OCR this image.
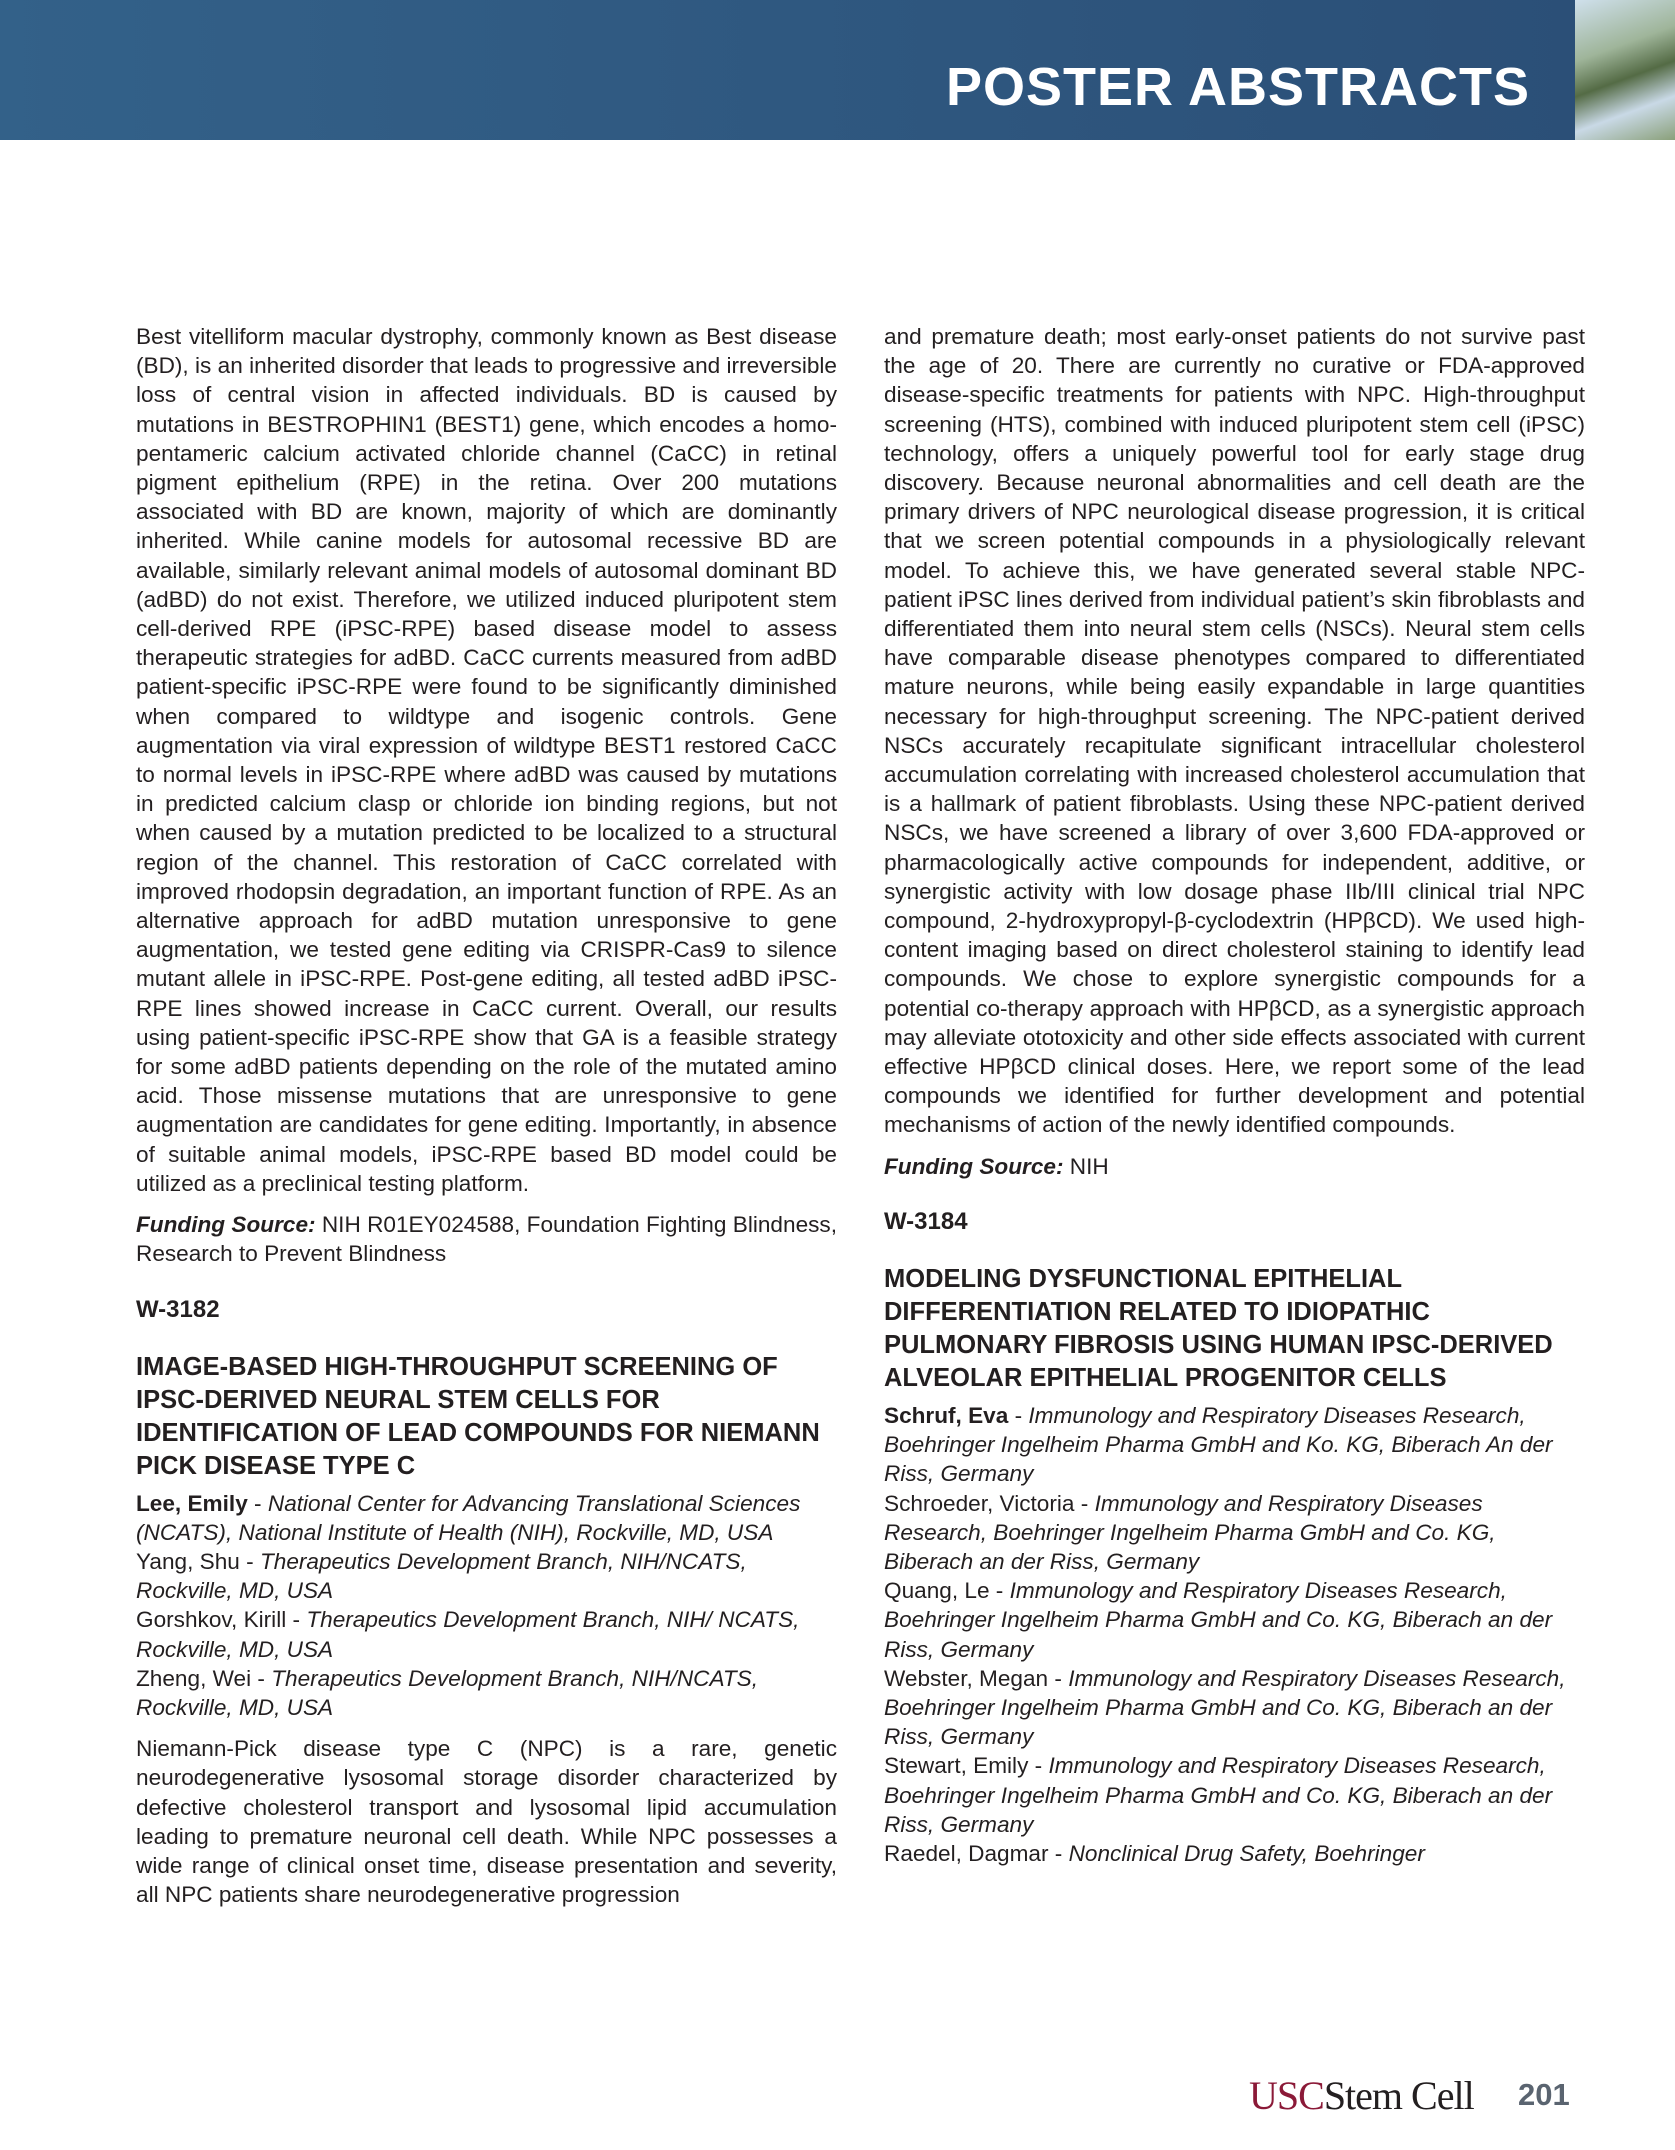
POSTER ABSTRACTS

Best vitelliform macular dystrophy, commonly known as Best disease (BD), is an inherited disorder that leads to progressive and irreversible loss of central vision in affected individuals. BD is caused by mutations in BESTROPHIN1 (BEST1) gene, which encodes a homo-pentameric calcium activated chloride channel (CaCC) in retinal pigment epithelium (RPE) in the retina. Over 200 mutations associated with BD are known, majority of which are dominantly inherited. While canine models for autosomal recessive BD are available, similarly relevant animal models of autosomal dominant BD (adBD) do not exist. Therefore, we utilized induced pluripotent stem cell-derived RPE (iPSC-RPE) based disease model to assess therapeutic strategies for adBD. CaCC currents measured from adBD patient-specific iPSC-RPE were found to be significantly diminished when compared to wildtype and isogenic controls. Gene augmentation via viral expression of wildtype BEST1 restored CaCC to normal levels in iPSC-RPE where adBD was caused by mutations in predicted calcium clasp or chloride ion binding regions, but not when caused by a mutation predicted to be localized to a structural region of the channel. This restoration of CaCC correlated with improved rhodopsin degradation, an important function of RPE. As an alternative approach for adBD mutation unresponsive to gene augmentation, we tested gene editing via CRISPR-Cas9 to silence mutant allele in iPSC-RPE. Post-gene editing, all tested adBD iPSC-RPE lines showed increase in CaCC current. Overall, our results using patient-specific iPSC-RPE show that GA is a feasible strategy for some adBD patients depending on the role of the mutated amino acid. Those missense mutations that are unresponsive to gene augmentation are candidates for gene editing. Importantly, in absence of suitable animal models, iPSC-RPE based BD model could be utilized as a preclinical testing platform.

Funding Source: NIH R01EY024588, Foundation Fighting Blindness, Research to Prevent Blindness

W-3182
IMAGE-BASED HIGH-THROUGHPUT SCREENING OF IPSC-DERIVED NEURAL STEM CELLS FOR IDENTIFICATION OF LEAD COMPOUNDS FOR NIEMANN PICK DISEASE TYPE C
Lee, Emily - National Center for Advancing Translational Sciences (NCATS), National Institute of Health (NIH), Rockville, MD, USA
Yang, Shu - Therapeutics Development Branch, NIH/NCATS, Rockville, MD, USA
Gorshkov, Kirill - Therapeutics Development Branch, NIH/ NCATS, Rockville, MD, USA
Zheng, Wei - Therapeutics Development Branch, NIH/NCATS, Rockville, MD, USA

Niemann-Pick disease type C (NPC) is a rare, genetic neurodegenerative lysosomal storage disorder characterized by defective cholesterol transport and lysosomal lipid accumulation leading to premature neuronal cell death. While NPC possesses a wide range of clinical onset time, disease presentation and severity, all NPC patients share neurodegenerative progression

and premature death; most early-onset patients do not survive past the age of 20. There are currently no curative or FDA-approved disease-specific treatments for patients with NPC. High-throughput screening (HTS), combined with induced pluripotent stem cell (iPSC) technology, offers a uniquely powerful tool for early stage drug discovery. Because neuronal abnormalities and cell death are the primary drivers of NPC neurological disease progression, it is critical that we screen potential compounds in a physiologically relevant model. To achieve this, we have generated several stable NPC-patient iPSC lines derived from individual patient’s skin fibroblasts and differentiated them into neural stem cells (NSCs). Neural stem cells have comparable disease phenotypes compared to differentiated mature neurons, while being easily expandable in large quantities necessary for high-throughput screening. The NPC-patient derived NSCs accurately recapitulate significant intracellular cholesterol accumulation correlating with increased cholesterol accumulation that is a hallmark of patient fibroblasts. Using these NPC-patient derived NSCs, we have screened a library of over 3,600 FDA-approved or pharmacologically active compounds for independent, additive, or synergistic activity with low dosage phase IIb/III clinical trial NPC compound, 2-hydroxypropyl-β-cyclodextrin (HPβCD). We used high-content imaging based on direct cholesterol staining to identify lead compounds. We chose to explore synergistic compounds for a potential co-therapy approach with HPβCD, as a synergistic approach may alleviate ototoxicity and other side effects associated with current effective HPβCD clinical doses. Here, we report some of the lead compounds we identified for further development and potential mechanisms of action of the newly identified compounds.

Funding Source: NIH

W-3184
MODELING DYSFUNCTIONAL EPITHELIAL DIFFERENTIATION RELATED TO IDIOPATHIC PULMONARY FIBROSIS USING HUMAN IPSC-DERIVED ALVEOLAR EPITHELIAL PROGENITOR CELLS
Schruf, Eva - Immunology and Respiratory Diseases Research, Boehringer Ingelheim Pharma GmbH and Ko. KG, Biberach An der Riss, Germany
Schroeder, Victoria - Immunology and Respiratory Diseases Research, Boehringer Ingelheim Pharma GmbH and Co. KG, Biberach an der Riss, Germany
Quang, Le - Immunology and Respiratory Diseases Research, Boehringer Ingelheim Pharma GmbH and Co. KG, Biberach an der Riss, Germany
Webster, Megan - Immunology and Respiratory Diseases Research, Boehringer Ingelheim Pharma GmbH and Co. KG, Biberach an der Riss, Germany
Stewart, Emily - Immunology and Respiratory Diseases Research, Boehringer Ingelheim Pharma GmbH and Co. KG, Biberach an der Riss, Germany
Raedel, Dagmar - Nonclinical Drug Safety, Boehringer
USCStem Cell 201
